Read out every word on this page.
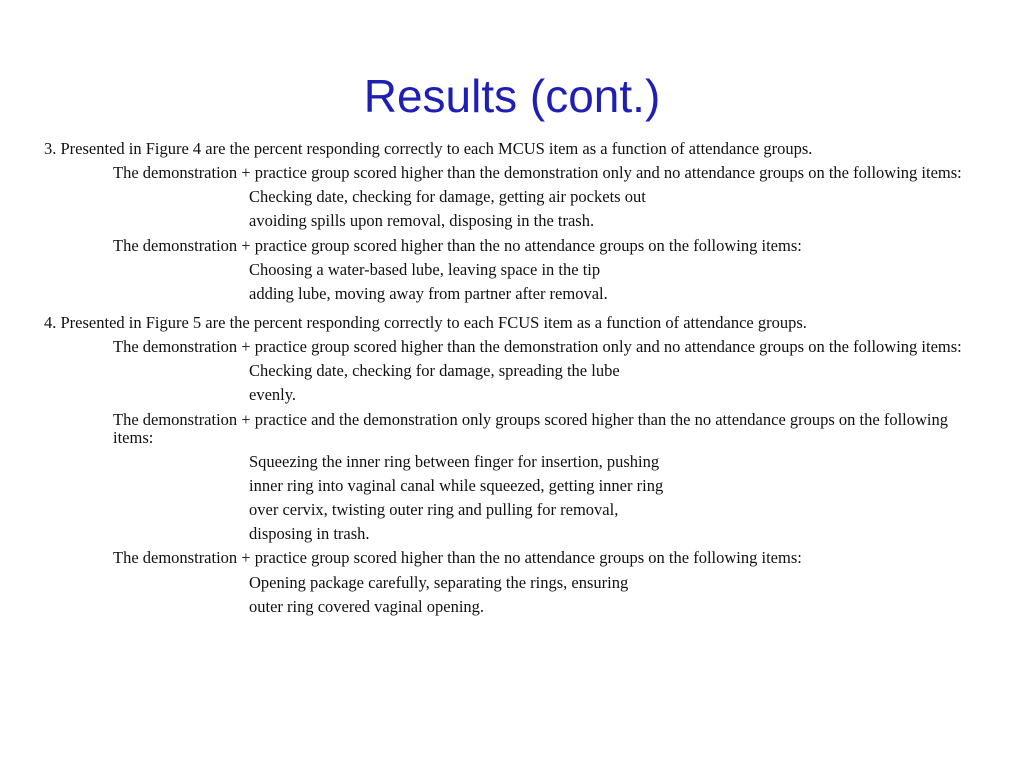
Results (cont.)

3. Presented in Figure 4 are the percent responding correctly to each MCUS item as a function of attendance groups.

The demonstration + practice group scored higher than the demonstration only and no attendance groups on the following items:

Checking date, checking for damage, getting air pockets out

avoiding spills upon removal, disposing in the trash.

The demonstration + practice group scored higher than the no attendance groups on the following items:

Choosing a water-based lube, leaving space in the tip

adding lube, moving away from partner after removal.

4. Presented in Figure 5 are the percent responding correctly to each FCUS item as a function of attendance groups.

The demonstration + practice group scored higher than the demonstration only and no attendance groups on the following items:

Checking date, checking for damage, spreading the lube

evenly.

The demonstration + practice and the demonstration only groups scored higher than the no attendance groups on the following items:

Squeezing the inner ring between finger for insertion, pushing

inner ring into vaginal canal while squeezed, getting inner ring

over cervix, twisting outer ring and pulling for removal,

disposing in trash.

The demonstration + practice group scored higher than the no attendance groups on the following items:

Opening package carefully, separating the rings, ensuring

outer ring covered vaginal opening.
